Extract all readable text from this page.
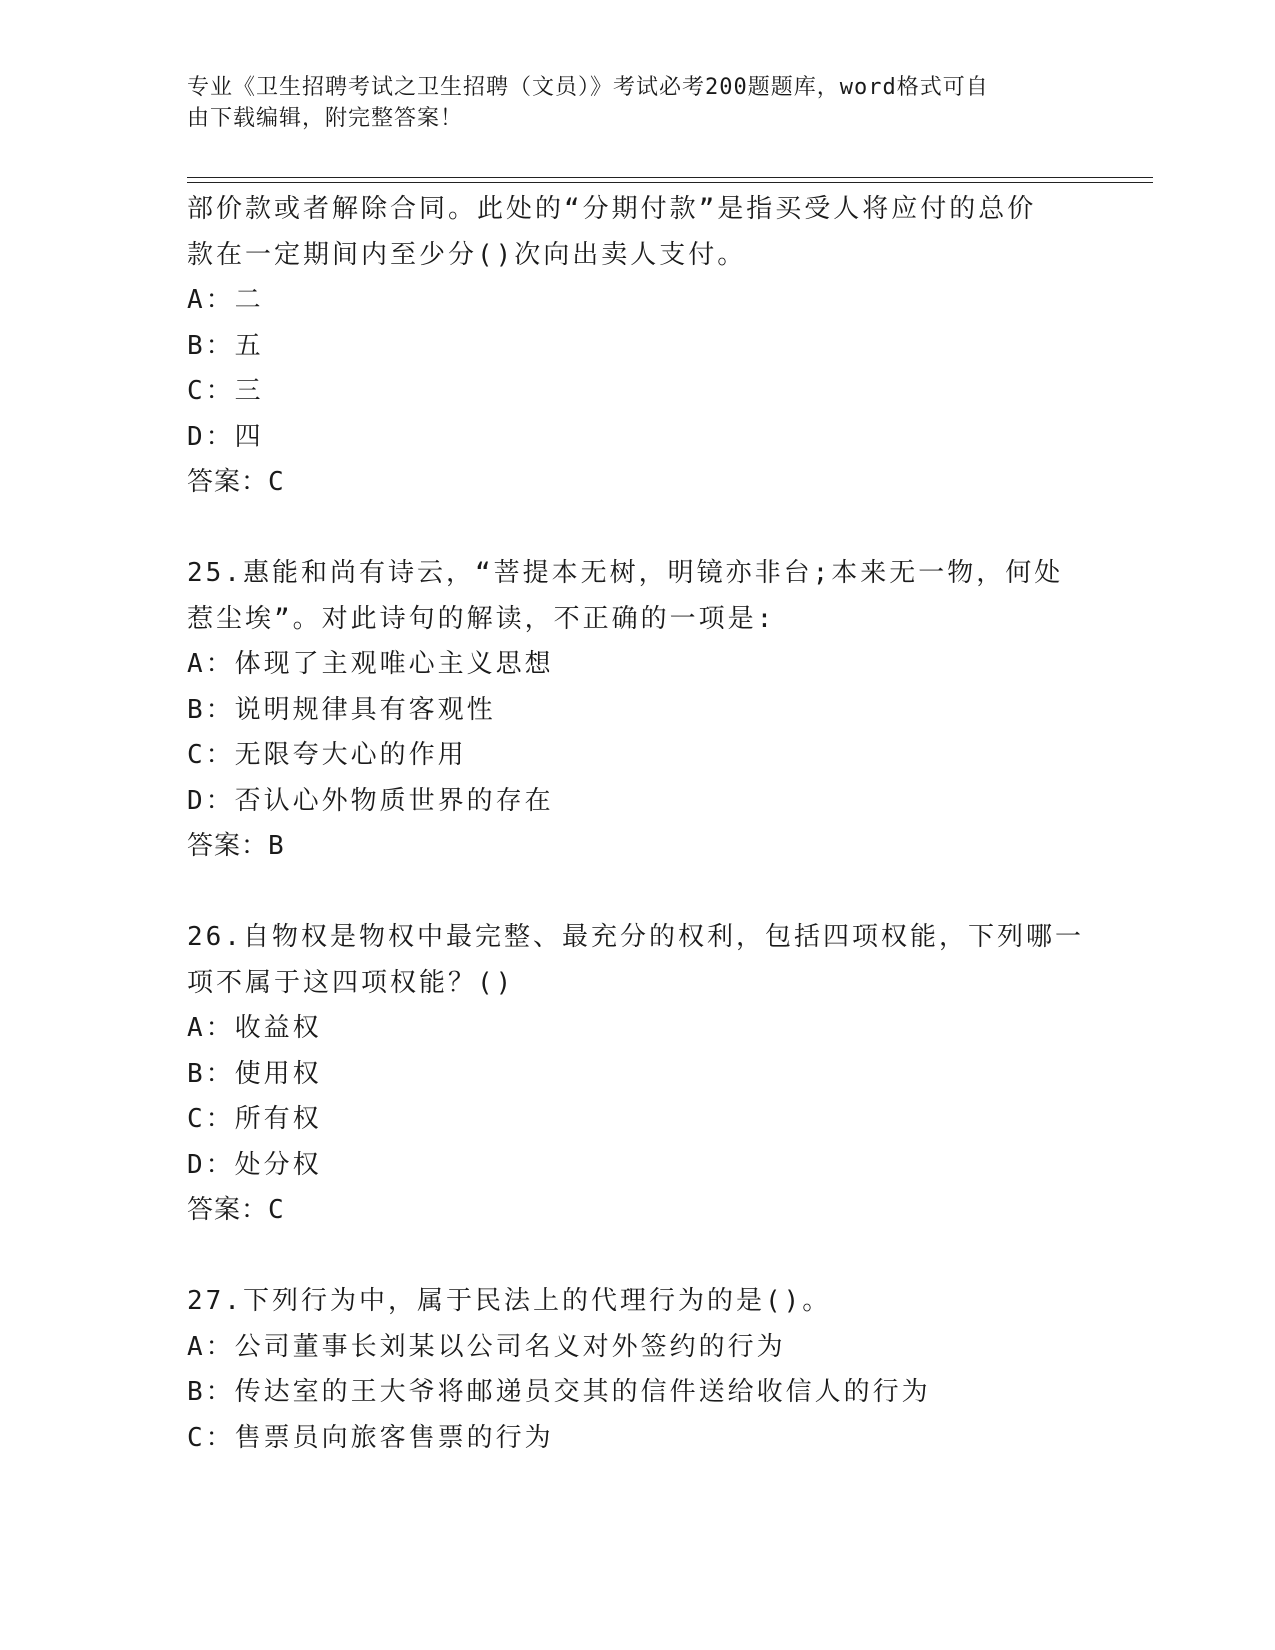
专业《卫生招聘考试之卫生招聘（文员）》考试必考200题题库，word格式可自
由下载编辑，附完整答案！
部价款或者解除合同。此处的“分期付款”是指买受人将应付的总价
款在一定期间内至少分()次向出卖人支付。
A：二
B：五
C：三
D：四
答案：C
25.惠能和尚有诗云，“菩提本无树，明镜亦非台;本来无一物，何处
惹尘埃”。对此诗句的解读，不正确的一项是:
A：体现了主观唯心主义思想
B：说明规律具有客观性
C：无限夸大心的作用
D：否认心外物质世界的存在
答案：B
26.自物权是物权中最完整、最充分的权利，包括四项权能，下列哪一
项不属于这四项权能？()
A：收益权
B：使用权
C：所有权
D：处分权
答案：C
27.下列行为中，属于民法上的代理行为的是()。
A：公司董事长刘某以公司名义对外签约的行为
B：传达室的王大爷将邮递员交其的信件送给收信人的行为
C：售票员向旅客售票的行为
